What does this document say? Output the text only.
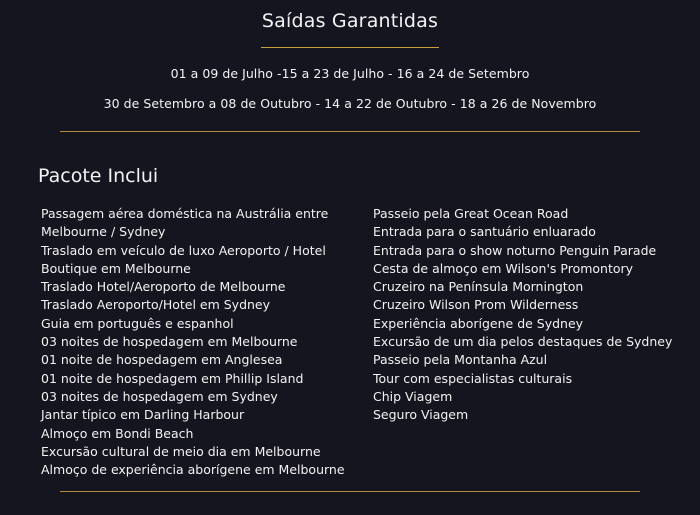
Saídas Garantidas
01 a 09 de Julho -15 a 23 de Julho - 16 a 24 de Setembro
30 de Setembro a 08 de Outubro - 14 a 22 de Outubro - 18 a 26 de Novembro
Pacote Inclui
Passagem aérea doméstica na Austrália entre
Melbourne / Sydney
Traslado em veículo de luxo Aeroporto / Hotel
Boutique em Melbourne
Traslado Hotel/Aeroporto de Melbourne
Traslado Aeroporto/Hotel em Sydney
Guia em português e espanhol
03 noites de hospedagem em Melbourne
01 noite de hospedagem em Anglesea
01 noite de hospedagem em Phillip Island
03 noites de hospedagem em Sydney
Jantar típico em Darling Harbour
Almoço em Bondi Beach
Excursão cultural de meio dia em Melbourne
Almoço de experiência aborígene em Melbourne
Passeio pela Great Ocean Road
Entrada para o santuário enluarado
Entrada para o show noturno Penguin Parade
Cesta de almoço em Wilson's Promontory
Cruzeiro na Península Mornington
Cruzeiro Wilson Prom Wilderness
Experiência aborígene de Sydney
Excursão de um dia pelos destaques de Sydney
Passeio pela Montanha Azul
Tour com especialistas culturais
Chip Viagem
Seguro Viagem
